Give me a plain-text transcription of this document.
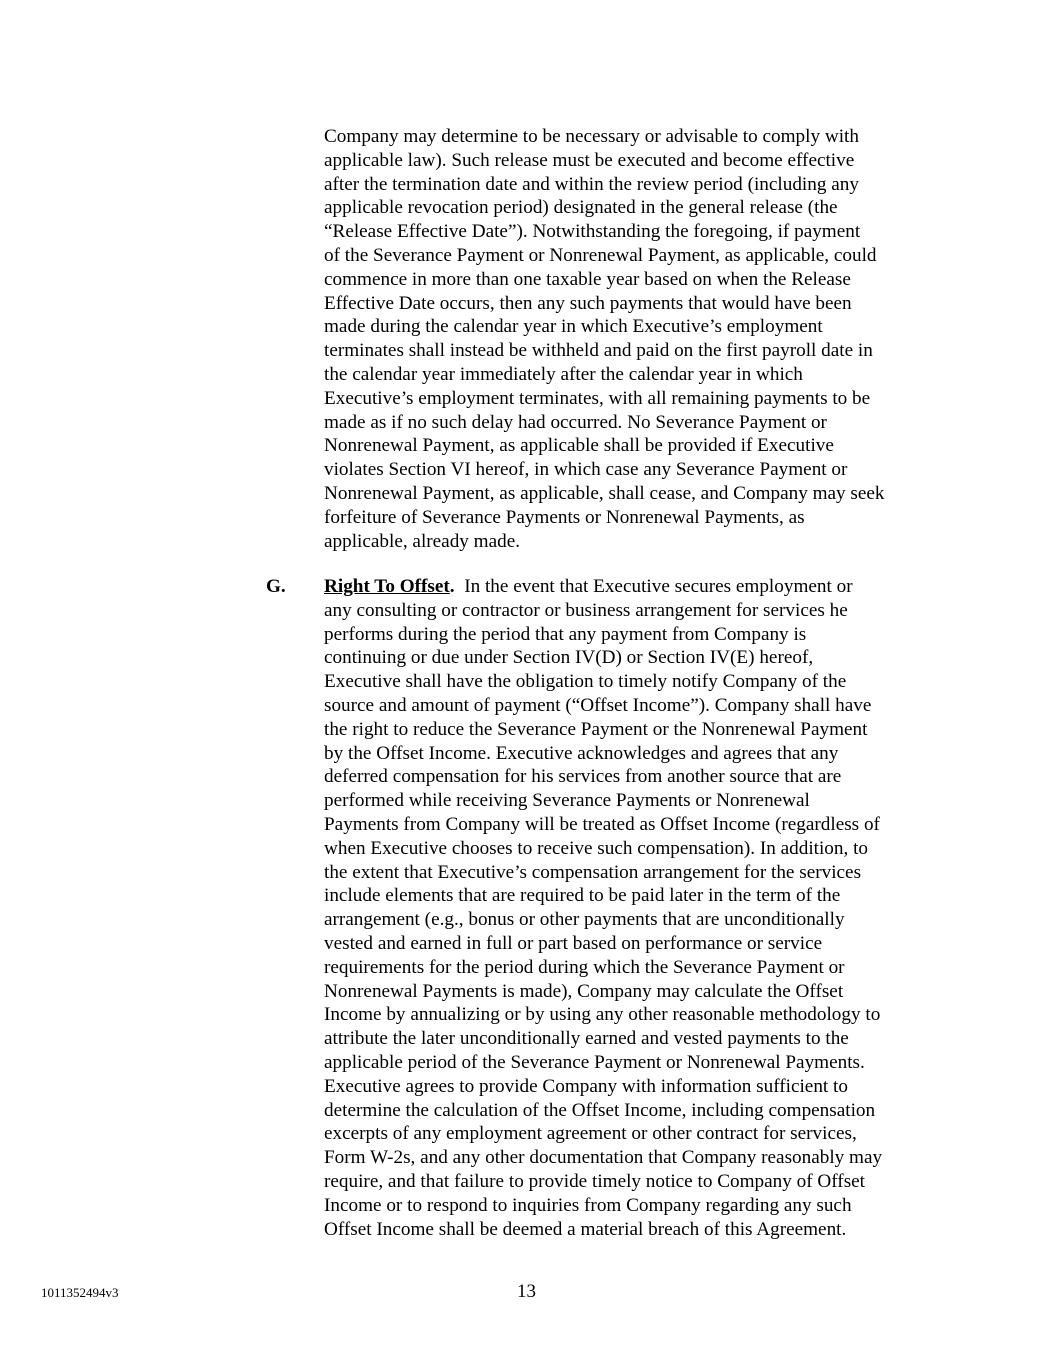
Company may determine to be necessary or advisable to comply with
applicable law). Such release must be executed and become effective
after the termination date and within the review period (including any
applicable revocation period) designated in the general release (the
“Release Effective Date”). Notwithstanding the foregoing, if payment
of the Severance Payment or Nonrenewal Payment, as applicable, could
commence in more than one taxable year based on when the Release
Effective Date occurs, then any such payments that would have been
made during the calendar year in which Executive’s employment
terminates shall instead be withheld and paid on the first payroll date in
the calendar year immediately after the calendar year in which
Executive’s employment terminates, with all remaining payments to be
made as if no such delay had occurred. No Severance Payment or
Nonrenewal Payment, as applicable shall be provided if Executive
violates Section VI hereof, in which case any Severance Payment or
Nonrenewal Payment, as applicable, shall cease, and Company may seek
forfeiture of Severance Payments or Nonrenewal Payments, as
applicable, already made.
G. Right To Offset.  In the event that Executive secures employment or
any consulting or contractor or business arrangement for services he
performs during the period that any payment from Company is
continuing or due under Section IV(D) or Section IV(E) hereof,
Executive shall have the obligation to timely notify Company of the
source and amount of payment (“Offset Income”). Company shall have
the right to reduce the Severance Payment or the Nonrenewal Payment
by the Offset Income. Executive acknowledges and agrees that any
deferred compensation for his services from another source that are
performed while receiving Severance Payments or Nonrenewal
Payments from Company will be treated as Offset Income (regardless of
when Executive chooses to receive such compensation). In addition, to
the extent that Executive’s compensation arrangement for the services
include elements that are required to be paid later in the term of the
arrangement (e.g., bonus or other payments that are unconditionally
vested and earned in full or part based on performance or service
requirements for the period during which the Severance Payment or
Nonrenewal Payments is made), Company may calculate the Offset
Income by annualizing or by using any other reasonable methodology to
attribute the later unconditionally earned and vested payments to the
applicable period of the Severance Payment or Nonrenewal Payments.
Executive agrees to provide Company with information sufficient to
determine the calculation of the Offset Income, including compensation
excerpts of any employment agreement or other contract for services,
Form W-2s, and any other documentation that Company reasonably may
require, and that failure to provide timely notice to Company of Offset
Income or to respond to inquiries from Company regarding any such
Offset Income shall be deemed a material breach of this Agreement.
1011352494v3	13
